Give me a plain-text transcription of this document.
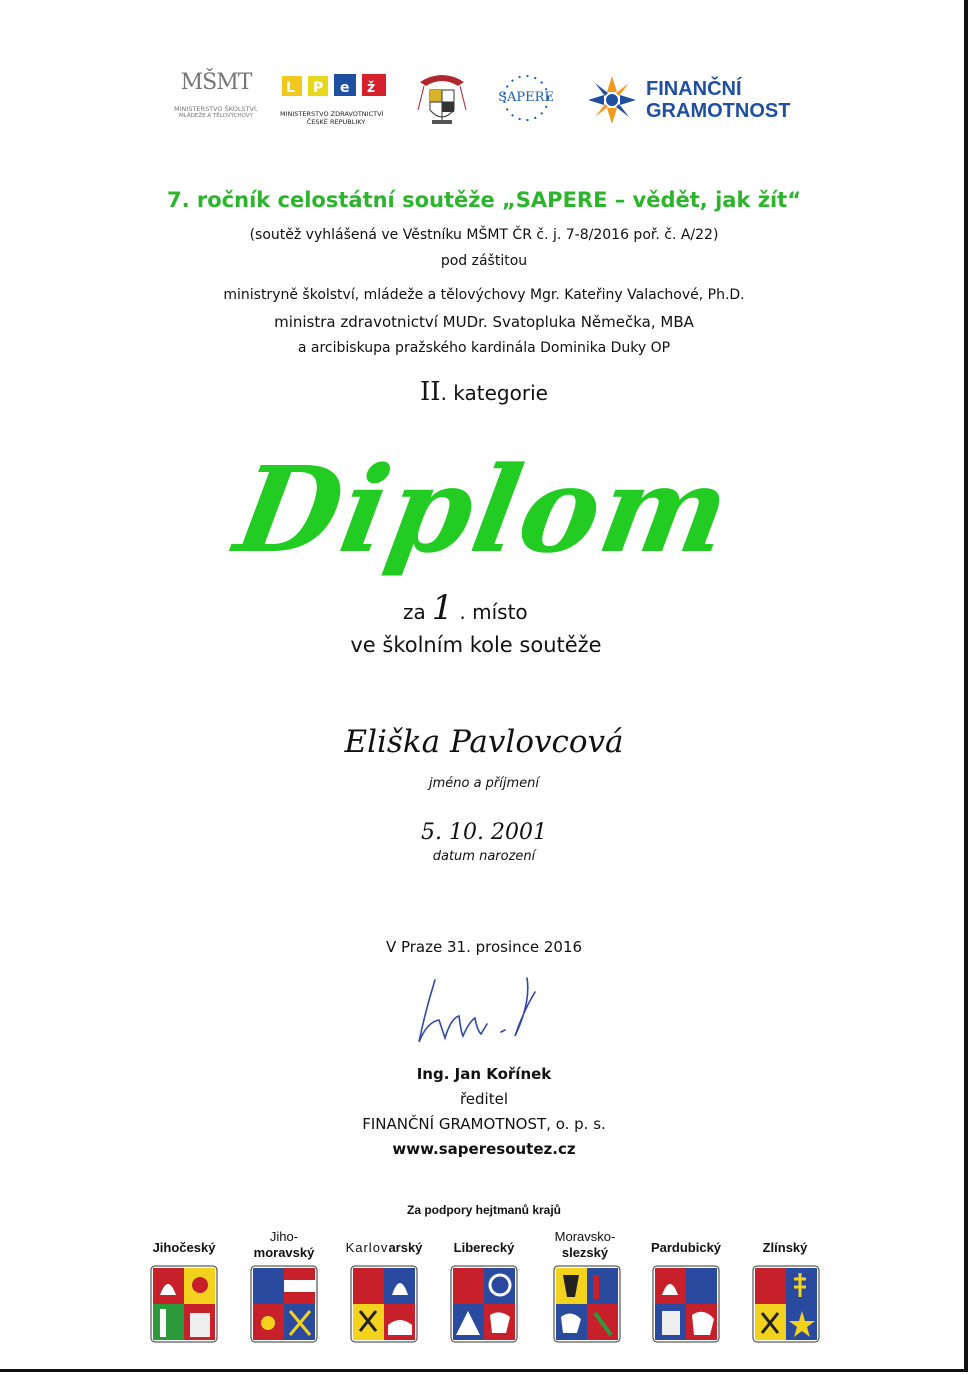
MŠMT
MINISTERSTVO ŠKOLSTVÍ,
MLÁDEŽE A TĚLOVÝCHOVY
L P e ž
MINISTERSTVO ZDRAVOTNICTVÍ
ČESKÉ REPUBLIKY
SAPERE	FINANČNÍ
GRAMOTNOST
7. ročník celostátní soutěže „SAPERE – vědět, jak žít“
(soutěž vyhlášená ve Věstníku MŠMT ČR č. j. 7-8/2016 poř. č. A/22)
pod záštitou
ministryně školství, mládeže a tělovýchovy Mgr. Kateřiny Valachové, Ph.D.
ministra zdravotnictví MUDr. Svatopluka Němečka, MBA
a arcibiskupa pražského kardinála Dominika Duky OP
II. kategorie
Diplom
za 1 . místo
ve školním kole soutěže
Eliška Pavlovcová
jméno a příjmení
5. 10. 2001
datum narození
V Praze 31. prosince 2016
Ing. Jan Kořínek
ředitel
FINANČNÍ GRAMOTNOST, o. p. s.
www.saperesoutez.cz
Za podpory hejtmanů krajů
Jihočeský
Jiho-
moravský	Karlovarský	Liberecký
Moravsko-
slezský	Pardubický	Zlínský
